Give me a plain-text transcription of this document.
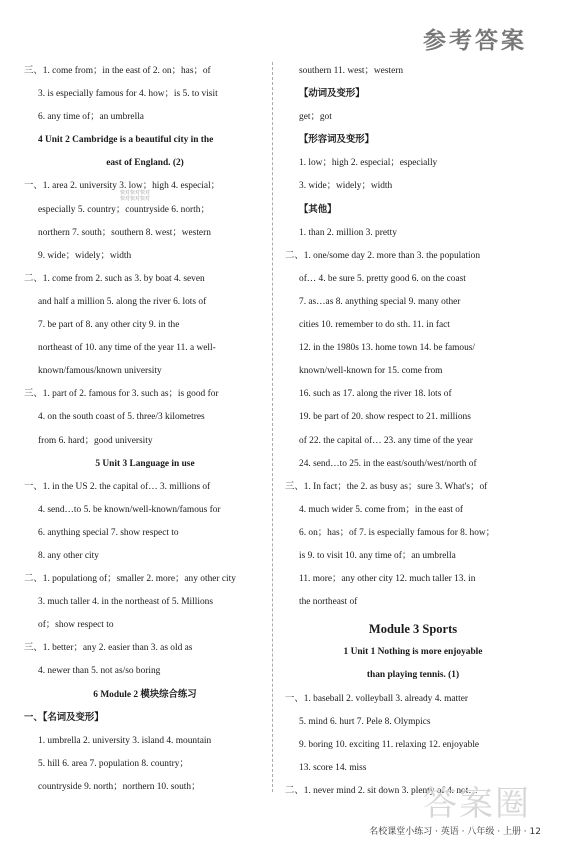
参考答案
三、1. come from；in the east of 2. on；has；of
3. is especially famous for 4. how；is 5. to visit
6. any time of；an umbrella
4 Unit 2 Cambridge is a beautiful city in the
east of England. (2)
一、1. area 2. university 3. low；high 4. especial；
especially 5. country；countryside 6. north；
northern 7. south；southern 8. west；western
9. wide；widely；width
二、1. come from 2. such as 3. by boat 4. seven
and half a million 5. along the river 6. lots of
7. be part of 8. any other city 9. in the
northeast of 10. any time of the year 11. a well-
known/famous/known university
三、1. part of 2. famous for 3. such as；is good for
4. on the south coast of 5. three/3 kilometres
from 6. hard；good university
5 Unit 3 Language in use
一、1. in the US 2. the capital of… 3. millions of
4. send…to 5. be known/well-known/famous for
6. anything special 7. show respect to
8. any other city
二、1. populationg of；smaller 2. more；any other city
3. much taller 4. in the northeast of 5. Millions
of；show respect to
三、1. better；any 2. easier than 3. as old as
4. newer than 5. not as/so boring
6 Module 2 模块综合练习
一、【名词及变形】
1. umbrella 2. university 3. island 4. mountain
5. hill 6. area 7. population 8. country；
countryside 9. north；northern 10. south；
southern 11. west；western
【动词及变形】
get；got
【形容词及变形】
1. low；high 2. especial；especially
3. wide；widely；width
【其他】
1. than 2. million 3. pretty
二、1. one/some day 2. more than 3. the population
of… 4. be sure 5. pretty good 6. on the coast
7. as…as 8. anything special 9. many other
cities 10. remember to do sth. 11. in fact
12. in the 1980s 13. home town 14. be famous/
known/well-known for 15. come from
16. such as 17. along the river 18. lots of
19. be part of 20. show respect to 21. millions
of 22. the capital of… 23. any time of the year
24. send…to 25. in the east/south/west/north of
三、1. In fact；the 2. as busy as；sure 3. What's；of
4. much wider 5. come from；in the east of
6. on；has；of 7. is especially famous for 8. how；
is 9. to visit 10. any time of；an umbrella
11. more；any other city 12. much taller 13. in
the northeast of
Module 3 Sports
1 Unit 1 Nothing is more enjoyable
than playing tennis. (1)
一、1. baseball 2. volleyball 3. already 4. matter
5. mind 6. hurt 7. Pele 8. Olympics
9. boring 10. exciting 11. relaxing 12. enjoyable
13. score 14. miss
二、1. never mind 2. sit down 3. plenty of 4. not…
快对快对快对快对快对快对
答案圈
名校课堂小练习 · 英语 · 八年级 · 上册 · 12
